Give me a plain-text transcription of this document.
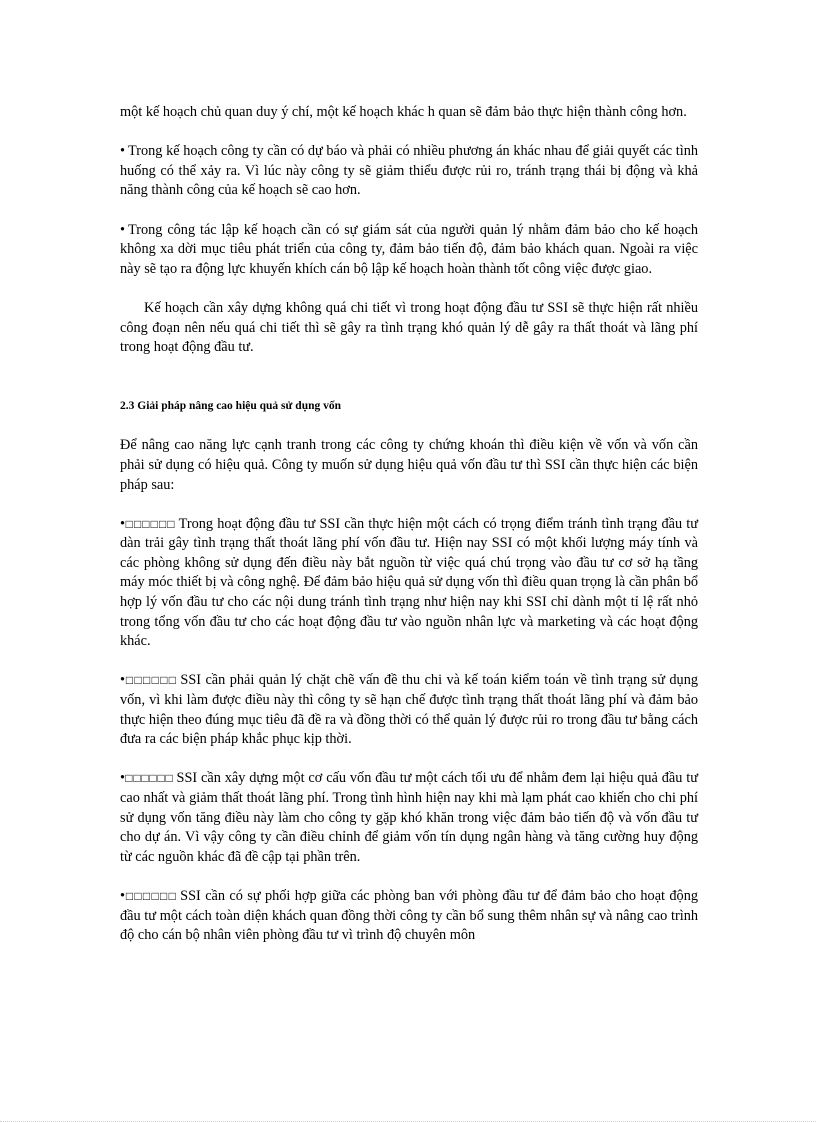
một kế hoạch chủ quan duy ý chí, một kế hoạch khác h quan sẽ đảm bảo thực hiện thành công hơn.

• Trong kế hoạch công ty cần có dự báo và phải có nhiều phương án khác nhau để giải quyết các tình huống có thể xảy ra. Vì lúc này công ty sẽ giảm thiểu được rủi ro, tránh trạng thái bị động và khả năng thành công của kế hoạch sẽ cao hơn.

• Trong công tác lập kế hoạch cần có sự giám sát của người quản lý nhằm đảm bảo cho kế hoạch không xa dời mục tiêu phát triển của công ty, đảm bảo tiến độ, đảm bảo khách quan. Ngoài ra việc này sẽ tạo ra động lực khuyến khích cán bộ lập kế hoạch hoàn thành tốt công việc được giao.

Kế hoạch cần xây dựng không quá chi tiết vì trong hoạt động đầu tư SSI sẽ thực hiện rất nhiều công đoạn nên nếu quá chi tiết thì sẽ gây ra tình trạng khó quản lý dễ gây ra thất thoát và lãng phí trong hoạt động đầu tư.

2.3 Giải pháp nâng cao hiệu quả sử dụng vốn

Để nâng cao năng lực cạnh tranh trong các công ty chứng khoán thì điều kiện về vốn và vốn cần phải sử dụng có hiệu quả. Công ty muốn sử dụng hiệu quả vốn đầu tư thì SSI cần thực hiện các biện pháp sau:

•□□□□□□ Trong hoạt động đầu tư SSI cần thực hiện một cách có trọng điểm tránh tình trạng đầu tư dàn trải gây tình trạng thất thoát lãng phí vốn đầu tư. Hiện nay SSI có một khối lượng máy tính và các phòng không sử dụng đến điều này bắt nguồn từ việc quá chú trọng vào đầu tư cơ sở hạ tầng máy móc thiết bị và công nghệ. Để đảm bảo hiệu quả sử dụng vốn thì điều quan trọng là cần phân bổ hợp lý vốn đầu tư cho các nội dung tránh tình trạng như hiện nay khi SSI chỉ dành một tỉ lệ rất nhỏ trong tổng vốn đầu tư cho các hoạt động đầu tư vào nguồn nhân lực và marketing và các hoạt động khác.

•□□□□□□ SSI cần phải quản lý chặt chẽ vấn đề thu chi và kế toán kiểm toán về tình trạng sử dụng vốn, vì khi làm được điều này thì công ty sẽ hạn chế được tình trạng thất thoát lãng phí và đảm bảo thực hiện theo đúng mục tiêu đã đề ra và đồng thời có thể quản lý được rủi ro trong đầu tư bằng cách đưa ra các biện pháp khắc phục kịp thời.

•□□□□□□ SSI cần xây dựng một cơ cấu vốn đầu tư một cách tối ưu để nhằm đem lại hiệu quả đầu tư cao nhất và giảm thất thoát lãng phí. Trong tình hình hiện nay khi mà lạm phát cao khiến cho chi phí sử dụng vốn tăng điều này làm cho công ty gặp khó khăn trong việc đảm bảo tiến độ và vốn đầu tư cho dự án. Vì vậy công ty cần điều chỉnh để giảm vốn tín dụng ngân hàng và tăng cường huy động từ các nguồn khác đã đề cập tại phần trên.

•□□□□□□ SSI cần có sự phối hợp giữa các phòng ban với phòng đầu tư để đảm bảo cho hoạt động đầu tư một cách toàn diện khách quan đồng thời công ty cần bổ sung thêm nhân sự và nâng cao trình độ cho cán bộ nhân viên phòng đầu tư vì trình độ chuyên môn
